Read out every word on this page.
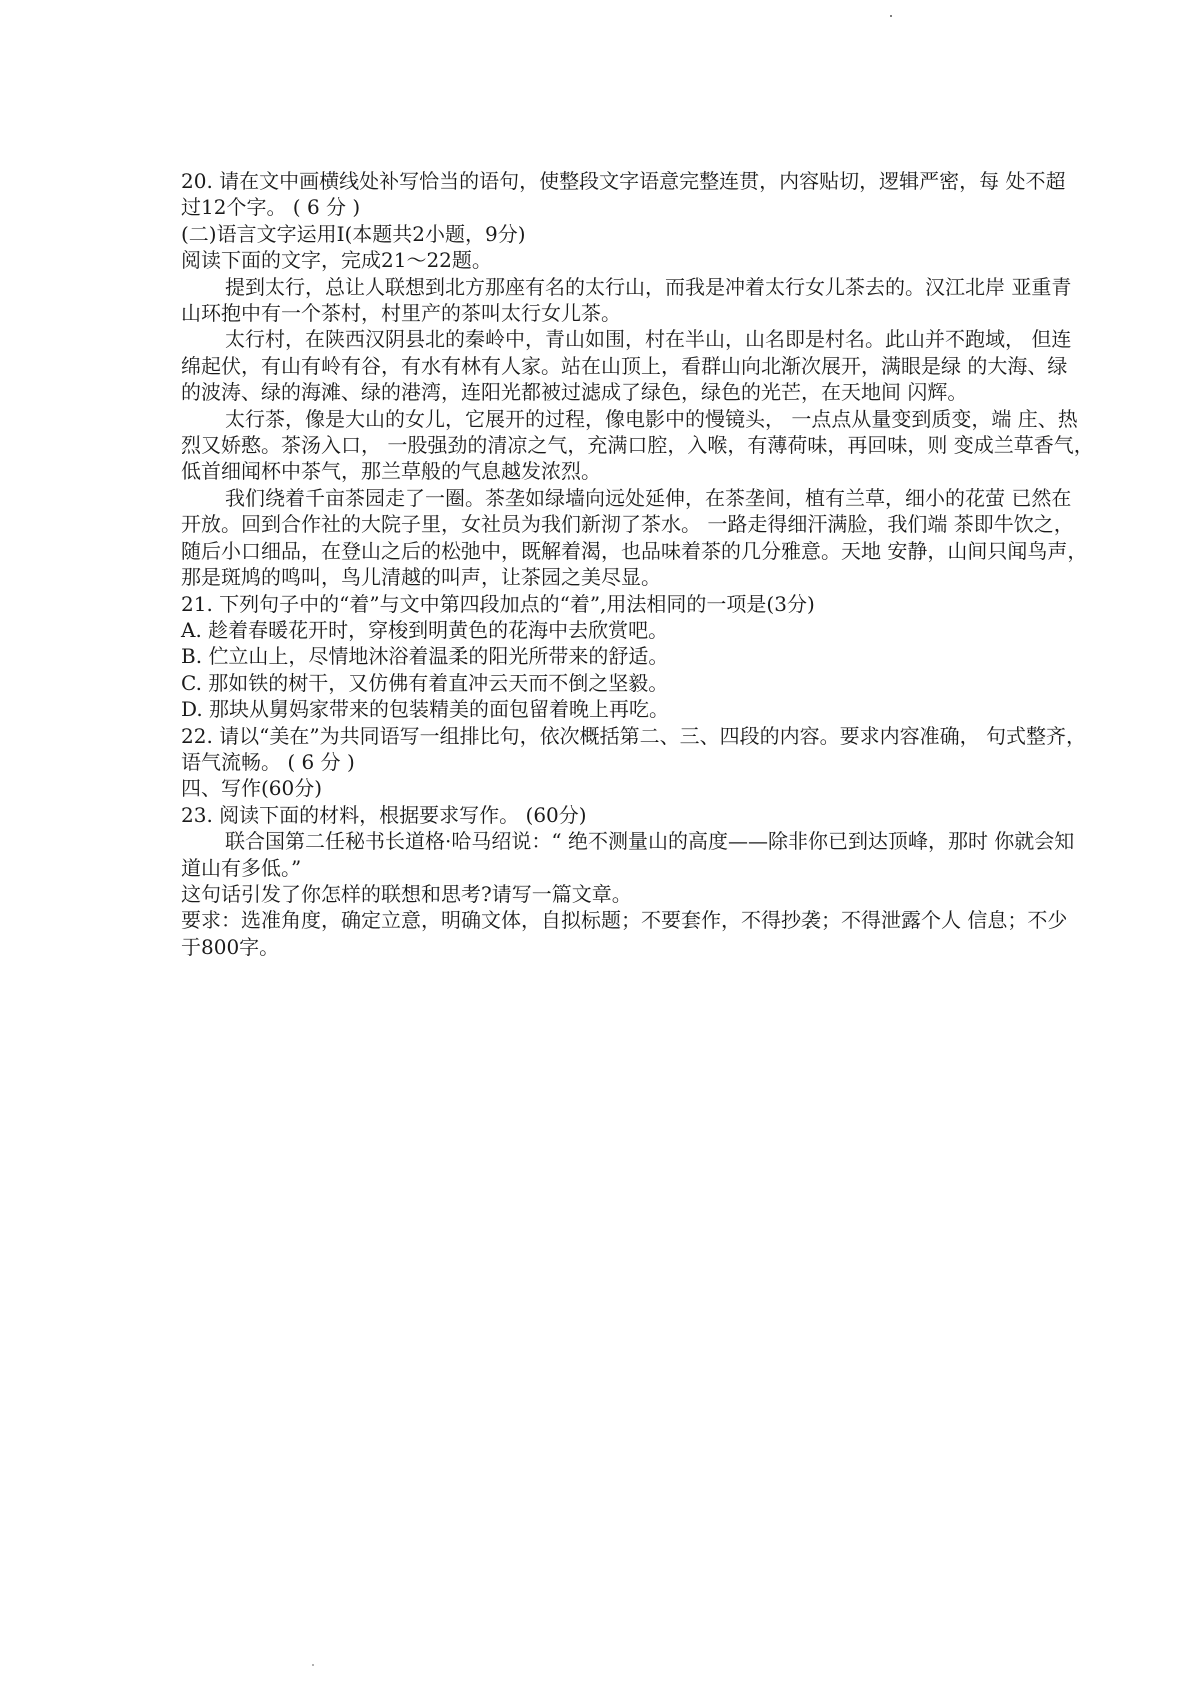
20. 请在文中画横线处补写恰当的语句，使整段文字语意完整连贯，内容贴切，逻辑严密，每 处不超
过12个字。 ( 6 分 )
(二)语言文字运用Ⅰ(本题共2小题，9分)
阅读下面的文字，完成21～22题。
提到太行，总让人联想到北方那座有名的太行山，而我是冲着太行女儿茶去的。汉江北岸 亚重青
山环抱中有一个茶村，村里产的茶叫太行女儿茶。
太行村，在陕西汉阴县北的秦岭中，青山如围，村在半山，山名即是村名。此山并不跑域， 但连
绵起伏，有山有岭有谷，有水有林有人家。站在山顶上，看群山向北渐次展开，满眼是绿 的大海、绿
的波涛、绿的海滩、绿的港湾，连阳光都被过滤成了绿色，绿色的光芒，在天地间 闪辉。
太行茶，像是大山的女儿，它展开的过程，像电影中的慢镜头， 一点点从量变到质变，端 庄、热
烈又娇憨。茶汤入口， 一股强劲的清凉之气，充满口腔，入喉，有薄荷味，再回味，则 变成兰草香气，
低首细闻杯中茶气，那兰草般的气息越发浓烈。
我们绕着千亩茶园走了一圈。茶垄如绿墙向远处延伸，在茶垄间，植有兰草，细小的花萤 已然在
开放。回到合作社的大院子里，女社员为我们新沏了茶水。 一路走得细汗满脸，我们端 茶即牛饮之，
随后小口细品，在登山之后的松弛中，既解着渴，也品味着茶的几分雅意。天地 安静，山间只闻鸟声，
那是斑鸠的鸣叫，鸟儿清越的叫声，让茶园之美尽显。
21. 下列句子中的“着”与文中第四段加点的“着”,用法相同的一项是(3分)
A. 趁着春暖花开时，穿梭到明黄色的花海中去欣赏吧。
B. 伫立山上，尽情地沐浴着温柔的阳光所带来的舒适。
C. 那如铁的树干，又仿佛有着直冲云天而不倒之坚毅。
D. 那块从舅妈家带来的包装精美的面包留着晚上再吃。
22. 请以“美在”为共同语写一组排比句，依次概括第二、三、四段的内容。要求内容准确， 句式整齐，
语气流畅。 ( 6 分 )
四、写作(60分)
23. 阅读下面的材料，根据要求写作。 (60分)
联合国第二任秘书长道格·哈马绍说：“ 绝不测量山的高度——除非你已到达顶峰，那时 你就会知
道山有多低。”
这句话引发了你怎样的联想和思考?请写一篇文章。
要求：选准角度，确定立意，明确文体，自拟标题；不要套作，不得抄袭；不得泄露个人 信息；不少
于800字。
